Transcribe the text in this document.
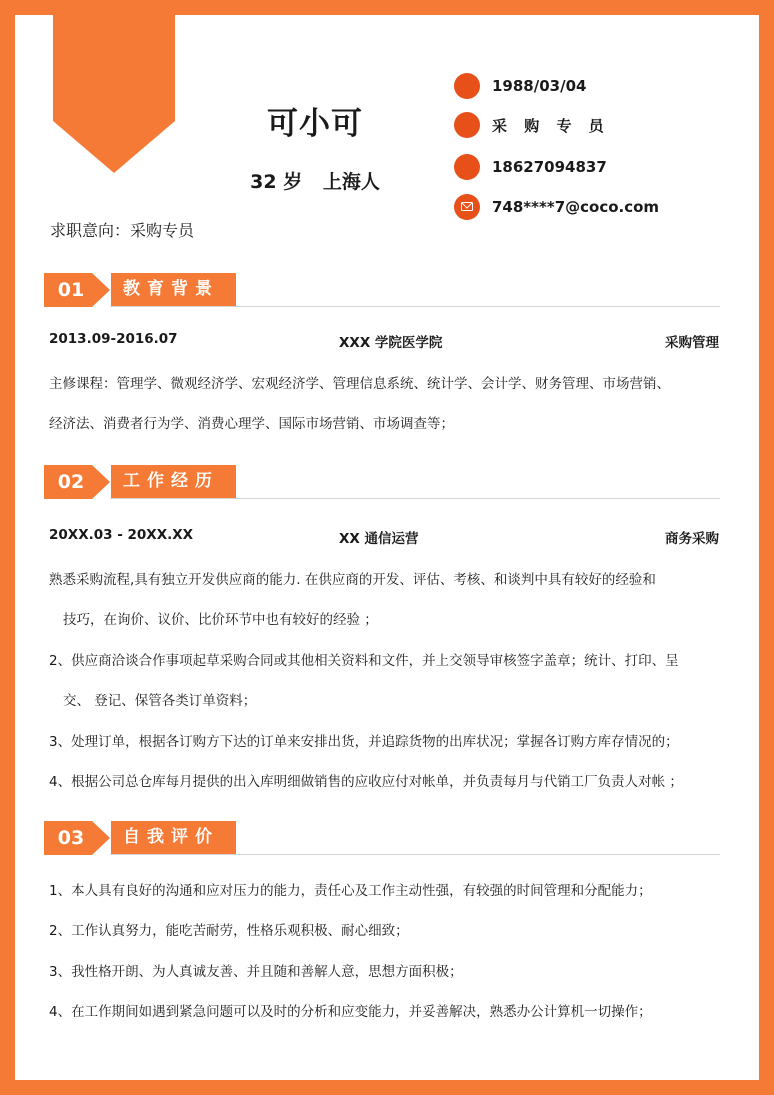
可小可
32 岁 上海人
求职意向：采购专员
1988/03/04
采 购 专 员
18627094837
748****7@coco.com
01	教育背景
2013.09-2016.07	XXX 学院医学院	采购管理
主修课程：管理学、微观经济学、宏观经济学、管理信息系统、统计学、会计学、财务管理、市场营销、
经济法、消费者行为学、消费心理学、国际市场营销、市场调查等；
02	工作经历
20XX.03 - 20XX.XX	XX 通信运营	商务采购
熟悉采购流程,具有独立开发供应商的能力. 在供应商的开发、评估、考核、和谈判中具有较好的经验和
技巧，在询价、议价、比价环节中也有较好的经验 ；
2、供应商洽谈合作事项起草采购合同或其他相关资料和文件，并上交领导审核签字盖章；统计、打印、呈
交、 登记、保管各类订单资料；
3、处理订单，根据各订购方下达的订单来安排出货，并追踪货物的出库状况；掌握各订购方库存情况的；
4、根据公司总仓库每月提供的出入库明细做销售的应收应付对帐单，并负责每月与代销工厂负责人对帐 ；
03	自我评价
1、本人具有良好的沟通和应对压力的能力，责任心及工作主动性强，有较强的时间管理和分配能力；
2、工作认真努力，能吃苦耐劳，性格乐观积极、耐心细致；
3、我性格开朗、为人真诚友善、并且随和善解人意，思想方面积极；
4、在工作期间如遇到紧急问题可以及时的分析和应变能力，并妥善解决，熟悉办公计算机一切操作；
